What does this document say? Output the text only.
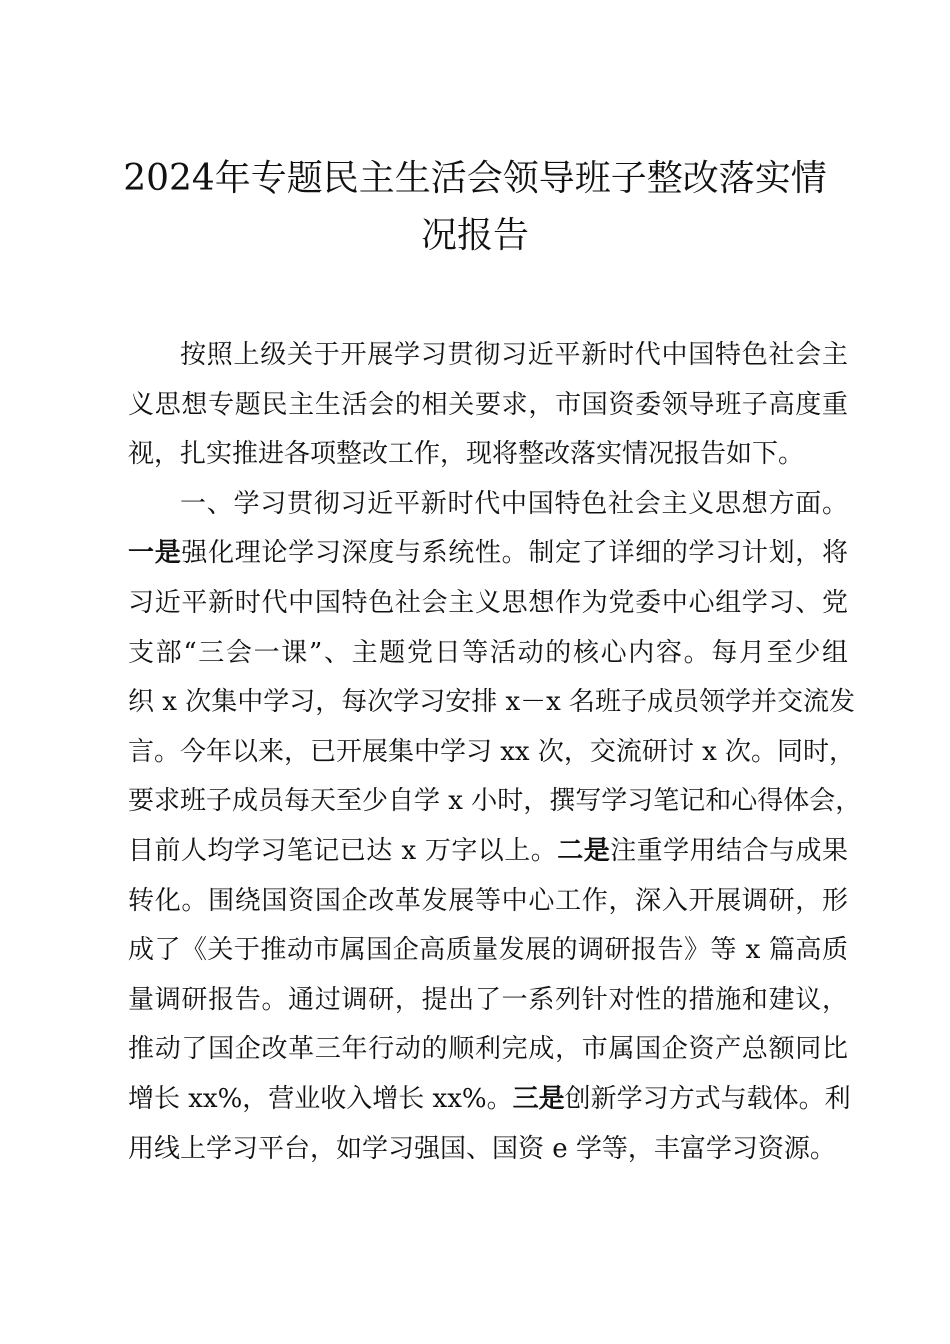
2024年专题民主生活会领导班子整改落实情
况报告
按照上级关于开展学习贯彻习近平新时代中国特色社会主
义思想专题民主生活会的相关要求，市国资委领导班子高度重
视，扎实推进各项整改工作，现将整改落实情况报告如下。
一、学习贯彻习近平新时代中国特色社会主义思想方面。
一是强化理论学习深度与系统性。制定了详细的学习计划，将
习近平新时代中国特色社会主义思想作为党委中心组学习、党
支部“三会一课”、主题党日等活动的核心内容。每月至少组
织 x 次集中学习，每次学习安排 x－x 名班子成员领学并交流发
言。今年以来，已开展集中学习 xx 次，交流研讨 x 次。同时，
要求班子成员每天至少自学 x 小时，撰写学习笔记和心得体会，
目前人均学习笔记已达 x 万字以上。二是注重学用结合与成果
转化。围绕国资国企改革发展等中心工作，深入开展调研，形
成了《关于推动市属国企高质量发展的调研报告》等 x 篇高质
量调研报告。通过调研，提出了一系列针对性的措施和建议，
推动了国企改革三年行动的顺利完成，市属国企资产总额同比
增长 xx%，营业收入增长 xx%。三是创新学习方式与载体。利
用线上学习平台，如学习强国、国资 e 学等，丰富学习资源。
